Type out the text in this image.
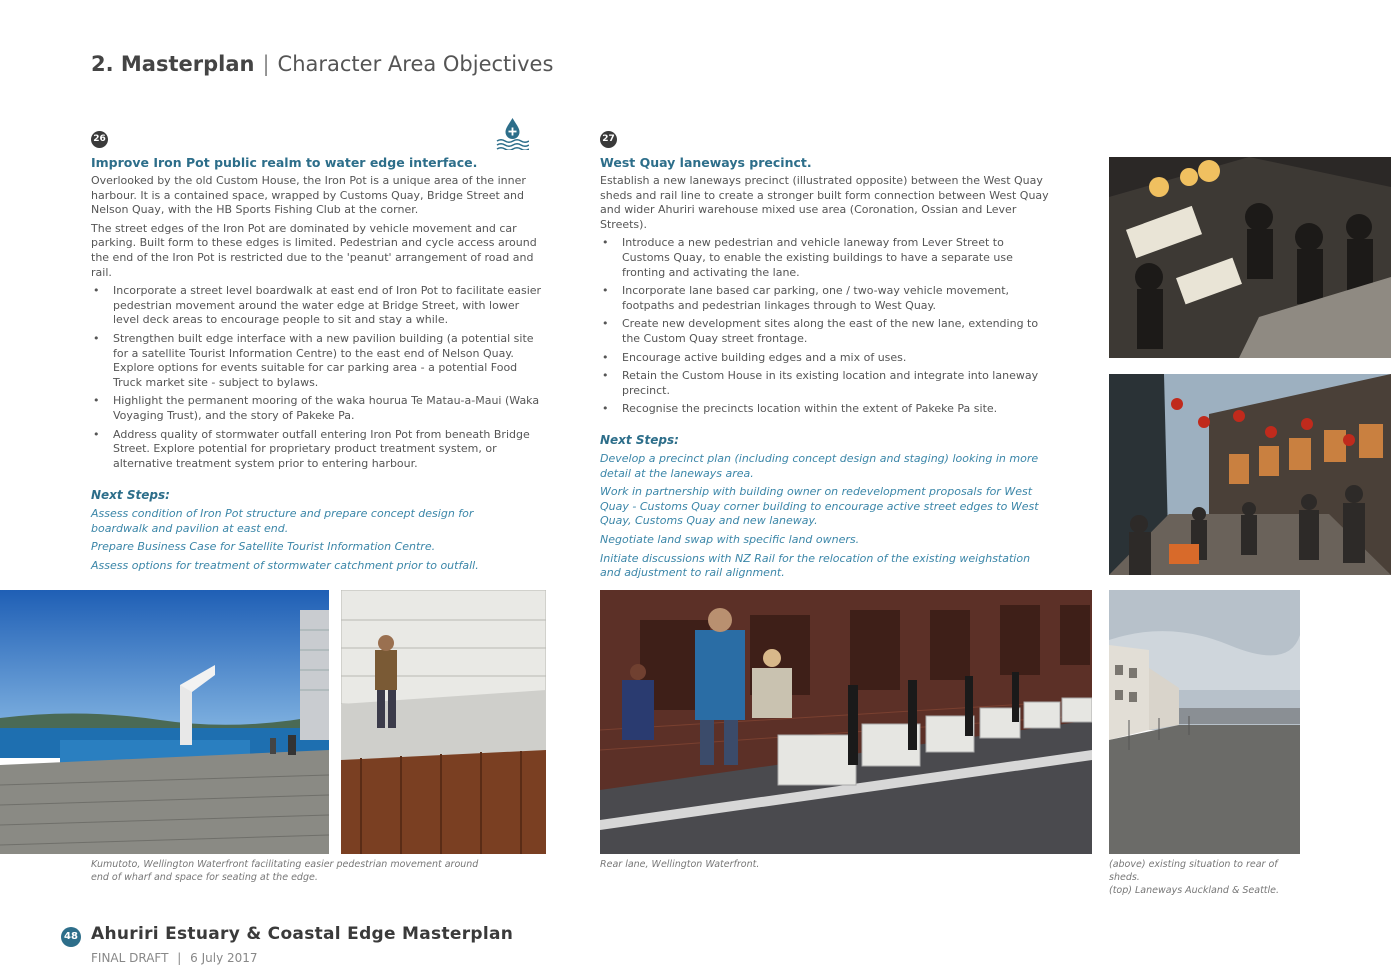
2. Masterplan | Character Area Objectives
26
Improve Iron Pot public realm to water edge interface.

Overlooked by the old Custom House, the Iron Pot is a unique area of the inner harbour. It is a contained space, wrapped by Customs Quay, Bridge Street and Nelson Quay, with the HB Sports Fishing Club at the corner.

The street edges of the Iron Pot are dominated by vehicle movement and car parking. Built form to these edges is limited. Pedestrian and cycle access around the end of the Iron Pot is restricted due to the 'peanut' arrangement of road and rail.

• Incorporate a street level boardwalk at east end of Iron Pot to facilitate easier pedestrian movement around the water edge at Bridge Street, with lower level deck areas to encourage people to sit and stay a while.
• Strengthen built edge interface with a new pavilion building (a potential site for a satellite Tourist Information Centre) to the east end of Nelson Quay. Explore options for events suitable for car parking area - a potential Food Truck market site - subject to bylaws.
• Highlight the permanent mooring of the waka hourua Te Matau-a-Maui (Waka Voyaging Trust), and the story of Pakeke Pa.
• Address quality of stormwater outfall entering Iron Pot from beneath Bridge Street. Explore potential for proprietary product treatment system, or alternative treatment system prior to entering harbour.
Next Steps:

Assess condition of Iron Pot structure and prepare concept design for boardwalk and pavilion at east end.

Prepare Business Case for Satellite Tourist Information Centre.

Assess options for treatment of stormwater catchment prior to outfall.

27
West Quay laneways precinct.

Establish a new laneways precinct (illustrated opposite) between the West Quay sheds and rail line to create a stronger built form connection between West Quay and wider Ahuriri warehouse mixed use area (Coronation, Ossian and Lever Streets).

• Introduce a new pedestrian and vehicle laneway from Lever Street to Customs Quay, to enable the existing buildings to have a separate use fronting and activating the lane.
• Incorporate lane based car parking, one / two-way vehicle movement, footpaths and pedestrian linkages through to West Quay.
• Create new development sites along the east of the new lane, extending to the Custom Quay street frontage.
• Encourage active building edges and a mix of uses.
• Retain the Custom House in its existing location and integrate into laneway precinct.
• Recognise the precincts location within the extent of Pakeke Pa site.
Next Steps:

Develop a precinct plan (including concept design and staging) looking in more detail at the laneways area.

Work in partnership with building owner on redevelopment proposals for West Quay - Customs Quay corner building to encourage active street edges to West Quay, Customs Quay and new laneway.

Negotiate land swap with specific land owners.

Initiate discussions with NZ Rail for the relocation of the existing weighstation and adjustment to rail alignment.

Kumutoto, Wellington Waterfront facilitating easier pedestrian movement around end of wharf and space for seating at the edge.
Rear lane, Wellington Waterfront.	(above) existing situation to rear of sheds.
(top) Laneways Auckland & Seattle.
48 Ahuriri Estuary & Coastal Edge Masterplan
FINAL DRAFT | 6 July 2017
